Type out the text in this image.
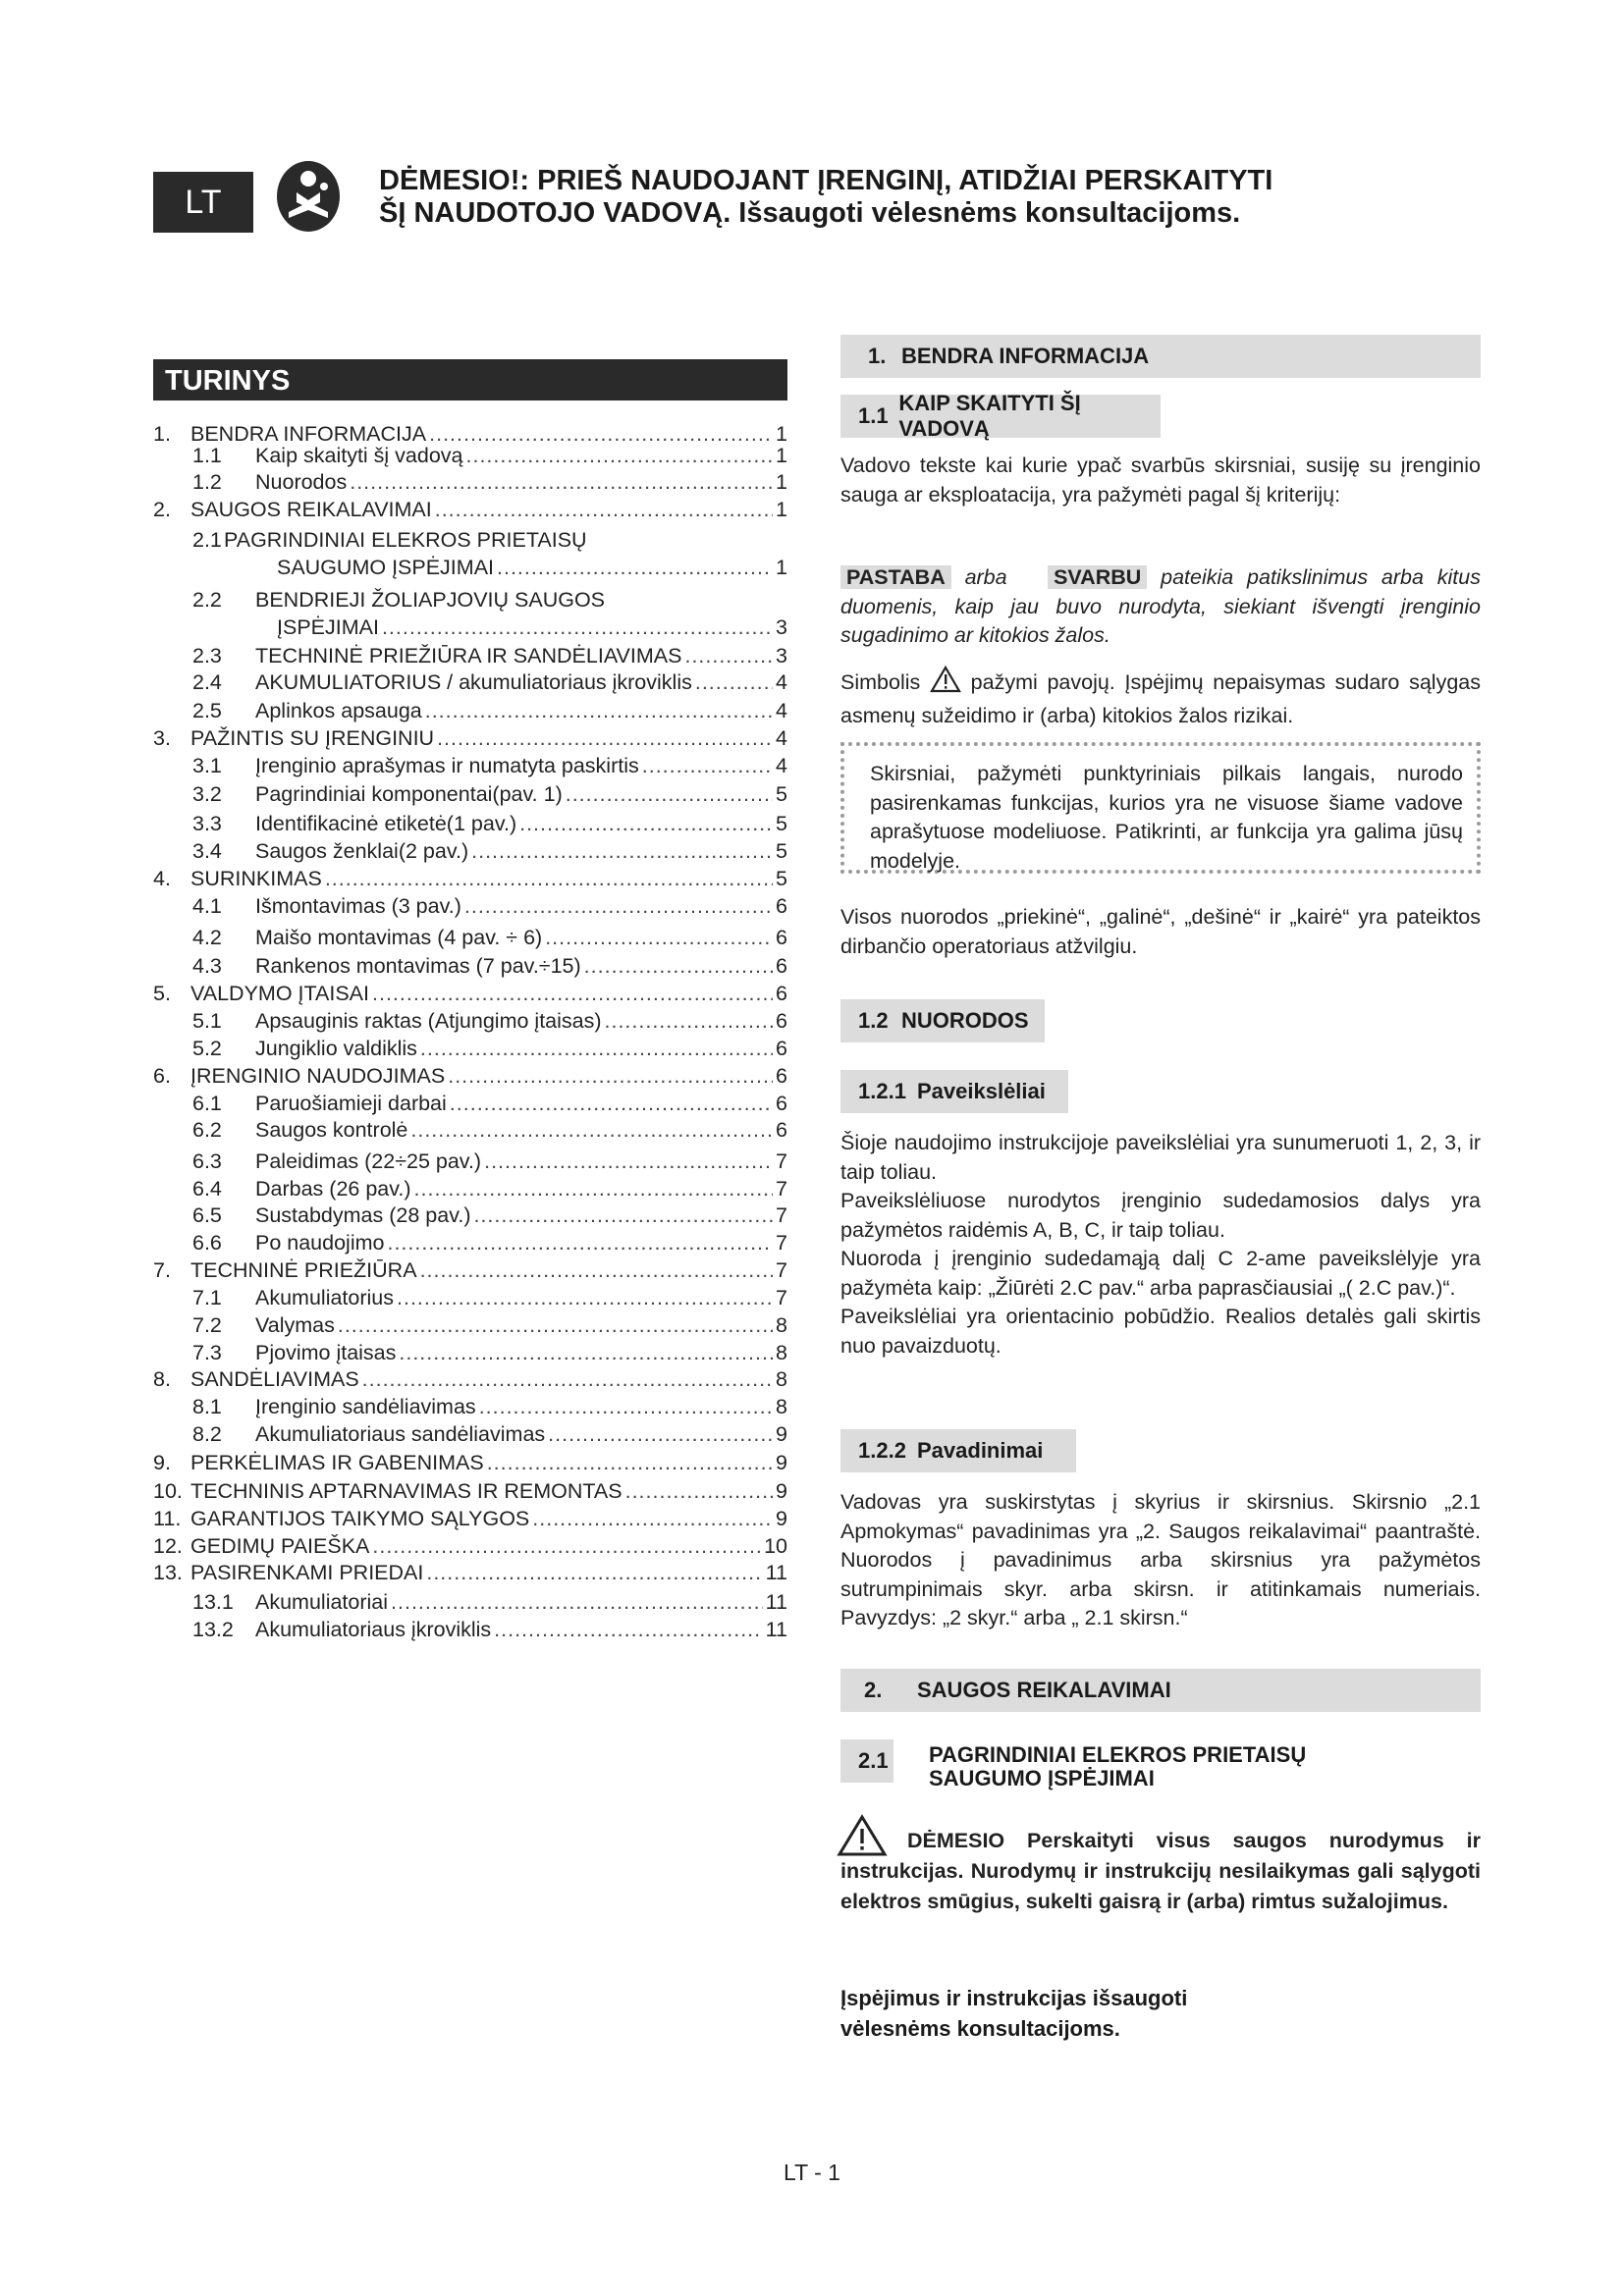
LT
DĖMESIO!: PRIEŠ NAUDOJANT ĮRENGINĮ, ATIDŽIAI PERSKAITYTI
ŠĮ NAUDOTOJO VADOVĄ. Išsaugoti vėlesnėms konsultacijoms.
TURINYS
1. BENDRA INFORMACIJA .....	1
1.1	Kaip skaityti šį vadovą .....	1
1.2	Nuorodos .....	1
2. SAUGOS REIKALAVIMAI .....	1
2.1 PAGRINDINIAI ELEKROS PRIETAISŲ
SAUGUMO ĮSPĖJIMAI .....	1
2.2	BENDRIEJI ŽOLIAPJOVIŲ SAUGOS
ĮSPĖJIMAI .....	3
2.3	TECHNINĖ PRIEŽIŪRA IR SANDĖLIAVIMAS .....	3
2.4	AKUMULIATORIUS / akumuliatoriaus įkroviklis .....	4
2.5	Aplinkos apsauga .....	4
3. PAŽINTIS SU ĮRENGINIU .....	4
3.1	Įrenginio aprašymas ir numatyta paskirtis .....	4
3.2	Pagrindiniai komponentai(pav. 1) .....	5
3.3	Identifikacinė etiketė(1 pav.) .....	5
3.4	Saugos ženklai(2 pav.) .....	5
4. SURINKIMAS .....	5
4.1	Išmontavimas (3 pav.) .....	6
4.2	Maišo montavimas (4 pav. ÷ 6) .....	6
4.3	Rankenos montavimas (7 pav.÷15) .....	6
5. VALDYMO ĮTAISAI .....	6
5.1	Apsauginis raktas (Atjungimo įtaisas) .....	6
5.2	Jungiklio valdiklis .....	6
6. ĮRENGINIO NAUDOJIMAS .....	6
6.1	Paruošiamieji darbai .....	6
6.2	Saugos kontrolė .....	6
6.3	Paleidimas (22÷25 pav.) .....	7
6.4	Darbas (26 pav.) .....	7
6.5	Sustabdymas (28 pav.) .....	7
6.6	Po naudojimo .....	7
7. TECHNINĖ PRIEŽIŪRA .....	7
7.1	Akumuliatorius .....	7
7.2	Valymas .....	8
7.3	Pjovimo įtaisas .....	8
8. SANDĖLIAVIMAS .....	8
8.1	Įrenginio sandėliavimas .....	8
8.2	Akumuliatoriaus sandėliavimas .....	9
9. PERKĖLIMAS IR GABENIMAS .....	9
10. TECHNINIS APTARNAVIMAS IR REMONTAS .....	9
11. GARANTIJOS TAIKYMO SĄLYGOS .....	9
12. GEDIMŲ PAIEŠKA .....	10
13. PASIRENKAMI PRIEDAI .....	11
13.1	Akumuliatoriai .....	11
13.2	Akumuliatoriaus įkroviklis .....	11
1. BENDRA INFORMACIJA
1.1
KAIP SKAITYTI ŠĮ VADOVĄ
Vadovo tekste kai kurie ypač svarbūs skirsniai, susiję su įrenginio sauga ar eksploatacija, yra pažymėti pagal šį kriterijų:
PASTABA arba SVARBU pateikia patikslinimus arba kitus duomenis, kaip jau buvo nurodyta, siekiant išvengti įrenginio sugadinimo ar kitokios žalos.
Simbolis pažymi pavojų. Įspėjimų nepaisymas sudaro sąlygas asmenų sužeidimo ir (arba) kitokios žalos rizikai.
Skirsniai, pažymėti punktyriniais pilkais langais, nurodo pasirenkamas funkcijas, kurios yra ne visuose šiame vadove aprašytuose modeliuose. Patikrinti, ar funkcija yra galima jūsų modelyje.
Visos nuorodos „priekinė“, „galinė“, „dešinė“ ir „kairė“ yra pateiktos dirbančio operatoriaus atžvilgiu.
1.2 NUORODOS
1.2.1 Paveikslėliai

Šioje naudojimo instrukcijoje paveikslėliai yra sunumeruoti 1, 2, 3, ir taip toliau.

Paveikslėliuose nurodytos įrenginio sudedamosios dalys yra pažymėtos raidėmis A, B, C, ir taip toliau.

Nuoroda į įrenginio sudedamąją dalį C 2-ame paveikslėlyje yra pažymėta kaip: „Žiūrėti 2.C pav.“ arba paprasčiausiai „( 2.C pav.)“.

Paveikslėliai yra orientacinio pobūdžio. Realios detalės gali skirtis nuo pavaizduotų.

1.2.2 Pavadinimai
Vadovas yra suskirstytas į skyrius ir skirsnius. Skirsnio „2.1 Apmokymas“ pavadinimas yra „2. Saugos reikalavimai“ paantraštė. Nuorodos į pavadinimus arba skirsnius yra pažymėtos sutrumpinimais skyr. arba skirsn. ir atitinkamais numeriais. Pavyzdys: „2 skyr.“ arba „ 2.1 skirsn.“
2.	SAUGOS REIKALAVIMAI
2.1 PAGRINDINIAI ELEKROS PRIETAISŲ
SAUGUMO ĮSPĖJIMAI
DĖMESIO Perskaityti visus saugos nurodymus ir instrukcijas. Nurodymų ir instrukcijų nesilaikymas gali sąlygoti elektros smūgius, sukelti gaisrą ir (arba) rimtus sužalojimus.
Įspėjimus ir instrukcijas išsaugoti
vėlesnėms konsultacijoms.
LT - 1
